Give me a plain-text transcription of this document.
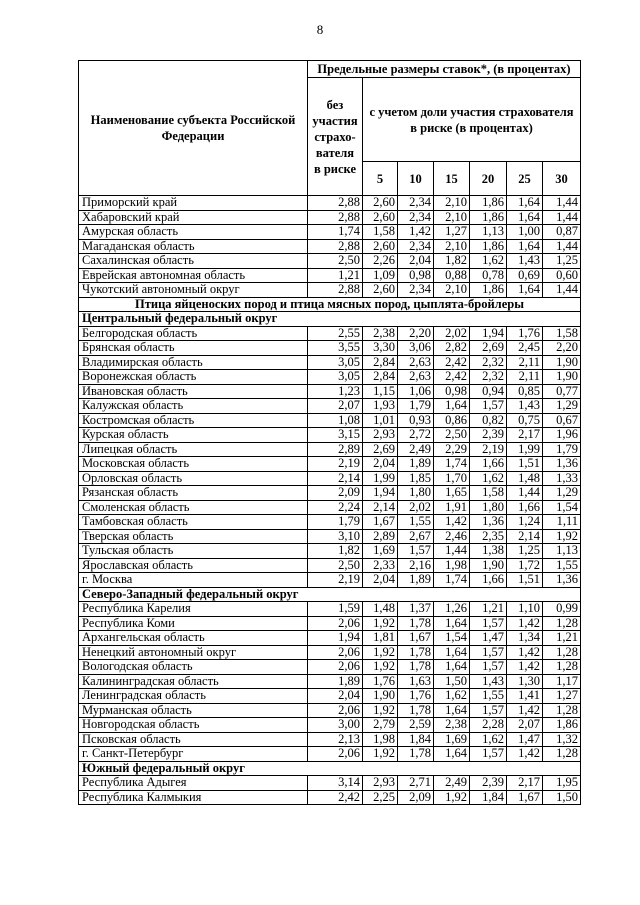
8
Наименование субъекта Российской Федерации	Предельные размеры ставок*, (в процентах)						
	без участия страхо-вателя в риске	с учетом доли участия страхователя в риске (в процентах)					
		5	10	15	20	25	30
Приморский край	2,88	2,60	2,34	2,10	1,86	1,64	1,44
Хабаровский край	2,88	2,60	2,34	2,10	1,86	1,64	1,44
Амурская область	1,74	1,58	1,42	1,27	1,13	1,00	0,87
Магаданская область	2,88	2,60	2,34	2,10	1,86	1,64	1,44
Сахалинская область	2,50	2,26	2,04	1,82	1,62	1,43	1,25
Еврейская автономная область	1,21	1,09	0,98	0,88	0,78	0,69	0,60
Чукотский автономный округ	2,88	2,60	2,34	2,10	1,86	1,64	1,44
Птица яйценоских пород и птица мясных пород, цыплята-бройлеры							
Центральный федеральный округ							
Белгородская область	2,55	2,38	2,20	2,02	1,94	1,76	1,58
Брянская область	3,55	3,30	3,06	2,82	2,69	2,45	2,20
Владимирская область	3,05	2,84	2,63	2,42	2,32	2,11	1,90
Воронежская область	3,05	2,84	2,63	2,42	2,32	2,11	1,90
Ивановская область	1,23	1,15	1,06	0,98	0,94	0,85	0,77
Калужская область	2,07	1,93	1,79	1,64	1,57	1,43	1,29
Костромская область	1,08	1,01	0,93	0,86	0,82	0,75	0,67
Курская область	3,15	2,93	2,72	2,50	2,39	2,17	1,96
Липецкая область	2,89	2,69	2,49	2,29	2,19	1,99	1,79
Московская область	2,19	2,04	1,89	1,74	1,66	1,51	1,36
Орловская область	2,14	1,99	1,85	1,70	1,62	1,48	1,33
Рязанская область	2,09	1,94	1,80	1,65	1,58	1,44	1,29
Смоленская область	2,24	2,14	2,02	1,91	1,80	1,66	1,54
Тамбовская область	1,79	1,67	1,55	1,42	1,36	1,24	1,11
Тверская область	3,10	2,89	2,67	2,46	2,35	2,14	1,92
Тульская область	1,82	1,69	1,57	1,44	1,38	1,25	1,13
Ярославская область	2,50	2,33	2,16	1,98	1,90	1,72	1,55
г. Москва	2,19	2,04	1,89	1,74	1,66	1,51	1,36
Северо-Западный федеральный округ							
Республика Карелия	1,59	1,48	1,37	1,26	1,21	1,10	0,99
Республика Коми	2,06	1,92	1,78	1,64	1,57	1,42	1,28
Архангельская область	1,94	1,81	1,67	1,54	1,47	1,34	1,21
Ненецкий автономный округ	2,06	1,92	1,78	1,64	1,57	1,42	1,28
Вологодская область	2,06	1,92	1,78	1,64	1,57	1,42	1,28
Калининградская область	1,89	1,76	1,63	1,50	1,43	1,30	1,17
Ленинградская область	2,04	1,90	1,76	1,62	1,55	1,41	1,27
Мурманская область	2,06	1,92	1,78	1,64	1,57	1,42	1,28
Новгородская область	3,00	2,79	2,59	2,38	2,28	2,07	1,86
Псковская область	2,13	1,98	1,84	1,69	1,62	1,47	1,32
г. Санкт-Петербург	2,06	1,92	1,78	1,64	1,57	1,42	1,28
Южный федеральный округ							
Республика Адыгея	3,14	2,93	2,71	2,49	2,39	2,17	1,95
Республика Калмыкия	2,42	2,25	2,09	1,92	1,84	1,67	1,50
